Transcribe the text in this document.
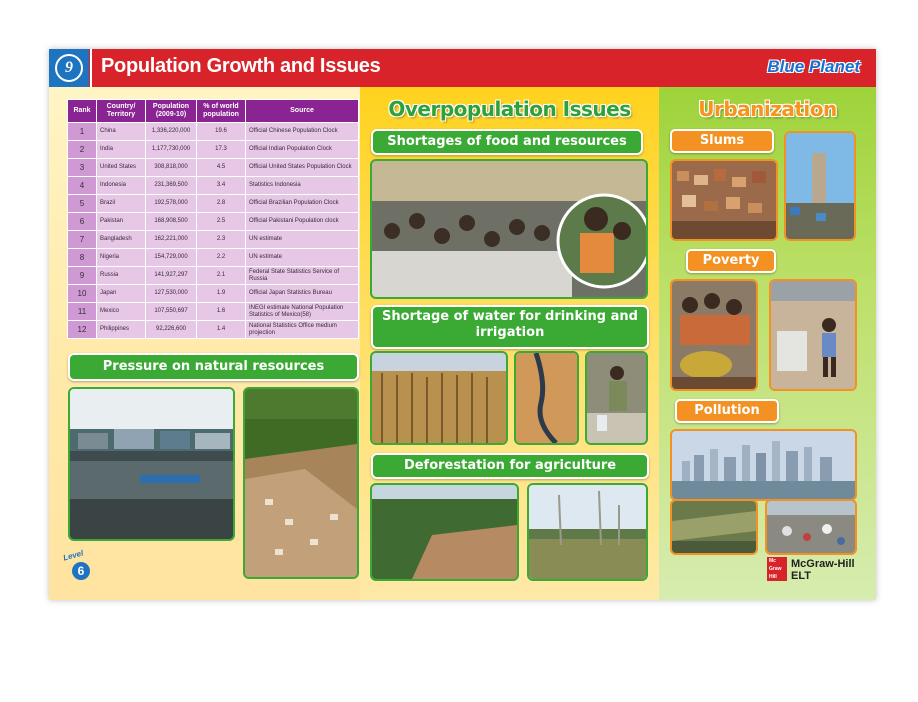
9	Population Growth and Issues	Blue Planet
Rank	Country/ Territory	Population (2009-10)	% of world population	Source
1	China	1,336,220,000	19.6	Official Chinese Population Clock
2	India	1,177,730,000	17.3	Official Indian Population Clock
3	United States	308,818,000	4.5	Official United States Population Clock
4	Indonesia	231,369,500	3.4	Statistics Indonesia
5	Brazil	192,578,000	2.8	Official Brazilian Population Clock
6	Pakistan	168,908,500	2.5	Official Pakistani Population clock
7	Bangladesh	162,221,000	2.3	UN estimate
8	Nigeria	154,729,000	2.2	UN estimate
9	Russia	141,927,297	2.1	Federal State Statistics Service of Russia
10	Japan	127,530,000	1.9	Official Japan Statistics Bureau
11	Mexico	107,550,697	1.6	INEGI estimate National Population Statistics of Mexico(58)
12	Philippines	92,226,600	1.4	National Statistics Office medium projection
Pressure on natural resources
Level
6
Overpopulation Issues
Shortages of food and resources
Shortage of water for drinking and irrigation
Deforestation for agriculture
Urbanization
Slums
Poverty
Pollution
Mc Graw Hill
McGraw-Hill
ELT
